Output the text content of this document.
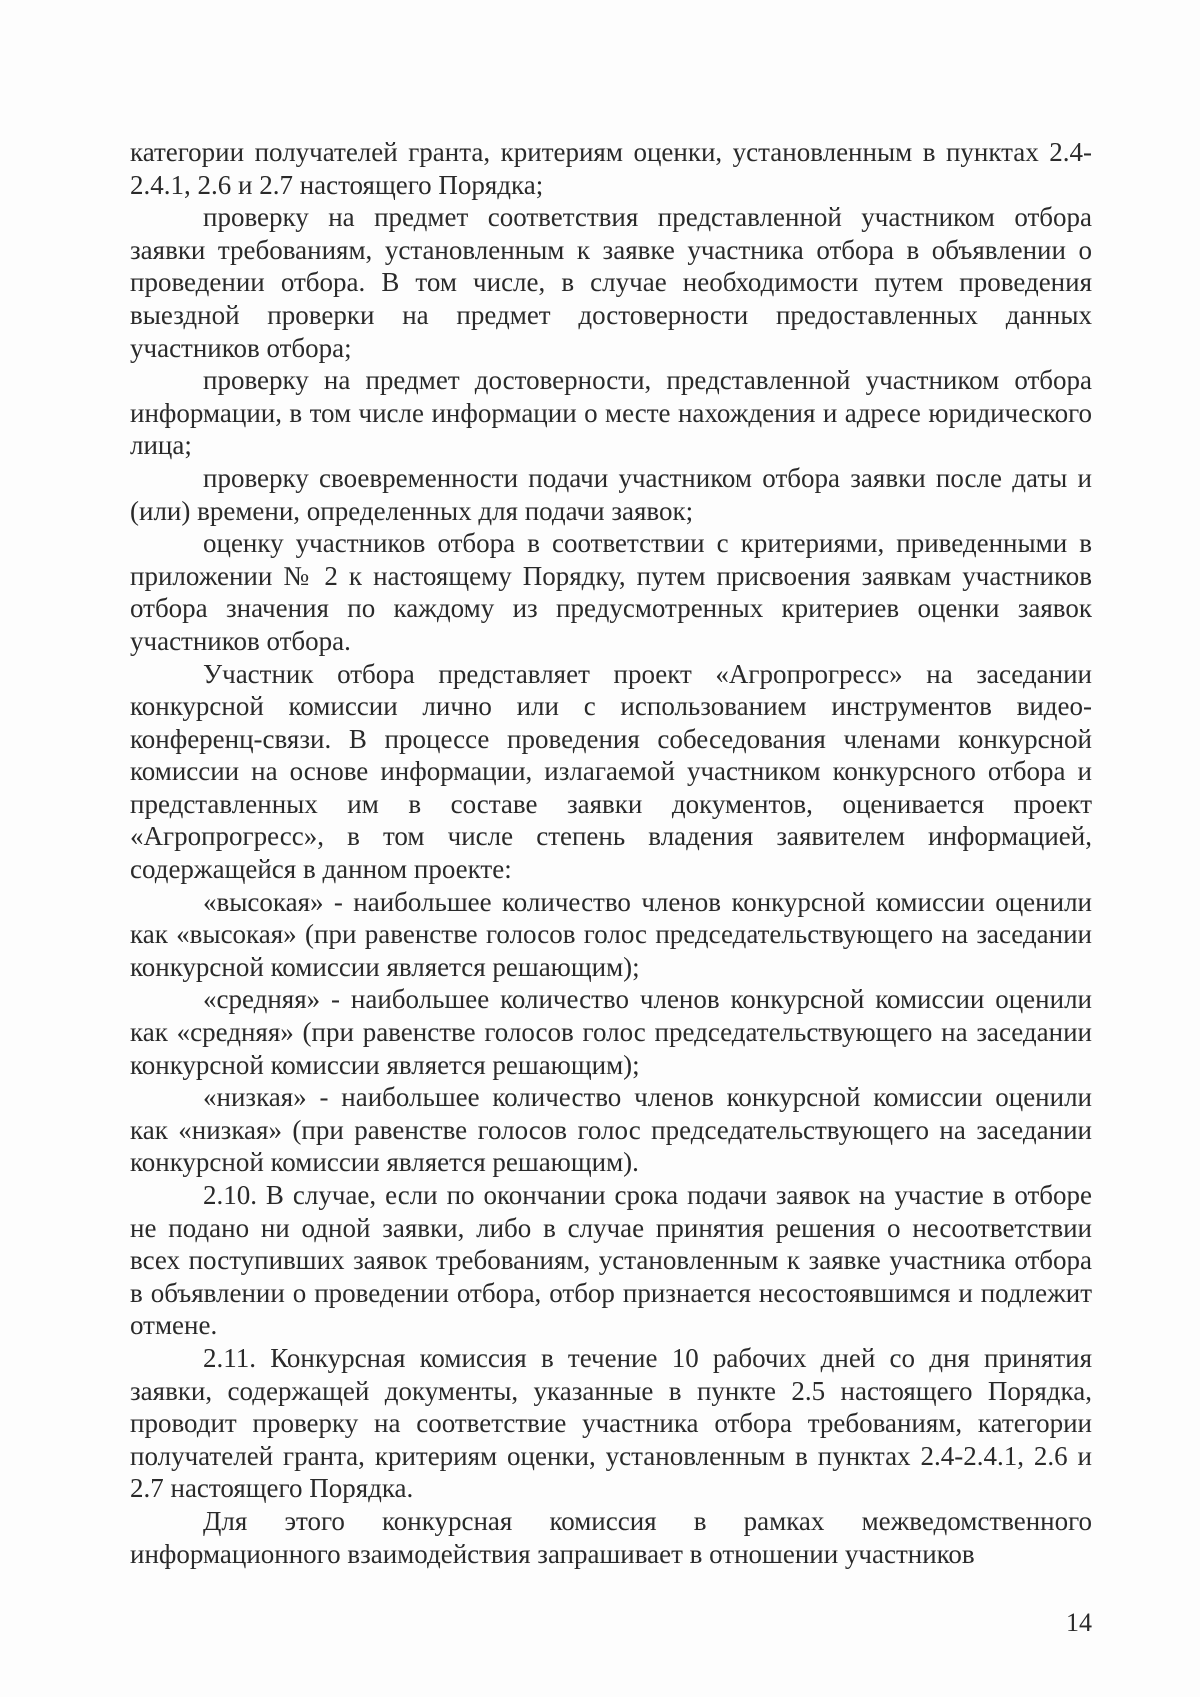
категории получателей гранта, критериям оценки, установленным в пунктах 2.4-2.4.1, 2.6 и 2.7 настоящего Порядка;

проверку на предмет соответствия представленной участником отбора заявки требованиям, установленным к заявке участника отбора в объявлении о проведении отбора. В том числе, в случае необходимости путем проведения выездной проверки на предмет достоверности предоставленных данных участников отбора;

проверку на предмет достоверности, представленной участником отбора информации, в том числе информации о месте нахождения и адресе юридического лица;

проверку своевременности подачи участником отбора заявки после даты и (или) времени, определенных для подачи заявок;

оценку участников отбора в соответствии с критериями, приведенными в приложении № 2 к настоящему Порядку, путем присвоения заявкам участников отбора значения по каждому из предусмотренных критериев оценки заявок участников отбора.

Участник отбора представляет проект «Агропрогресс» на заседании конкурсной комиссии лично или с использованием инструментов видео-конференц-связи. В процессе проведения собеседования членами конкурсной комиссии на основе информации, излагаемой участником конкурсного отбора и представленных им в составе заявки документов, оценивается проект «Агропрогресс», в том числе степень владения заявителем информацией, содержащейся в данном проекте:

«высокая» - наибольшее количество членов конкурсной комиссии оценили как «высокая» (при равенстве голосов голос председательствующего на заседании конкурсной комиссии является решающим);

«средняя» - наибольшее количество членов конкурсной комиссии оценили как «средняя» (при равенстве голосов голос председательствующего на заседании конкурсной комиссии является решающим);

«низкая» - наибольшее количество членов конкурсной комиссии оценили как «низкая» (при равенстве голосов голос председательствующего на заседании конкурсной комиссии является решающим).

2.10. В случае, если по окончании срока подачи заявок на участие в отборе не подано ни одной заявки, либо в случае принятия решения о несоответствии всех поступивших заявок требованиям, установленным к заявке участника отбора в объявлении о проведении отбора, отбор признается несостоявшимся и подлежит отмене.

2.11. Конкурсная комиссия в течение 10 рабочих дней со дня принятия заявки, содержащей документы, указанные в пункте 2.5 настоящего Порядка, проводит проверку на соответствие участника отбора требованиям, категории получателей гранта, критериям оценки, установленным в пунктах 2.4-2.4.1, 2.6 и 2.7 настоящего Порядка.

Для этого конкурсная комиссия в рамках межведомственного информационного взаимодействия запрашивает в отношении участников

14
